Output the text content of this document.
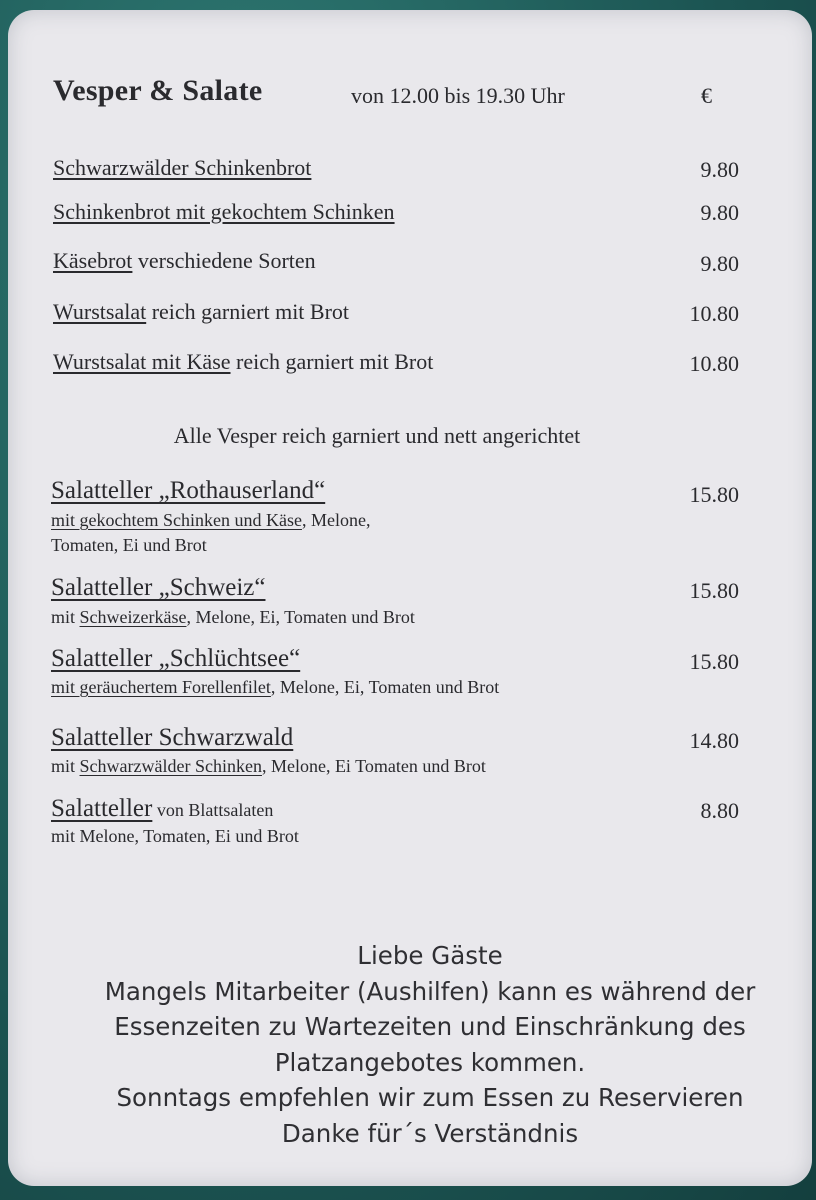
Vesper & Salate	von 12.00 bis 19.30 Uhr	€
Schwarzwälder Schinkenbrot	9.80
Schinkenbrot mit gekochtem Schinken	9.80
Käsebrot verschiedene Sorten	9.80
Wurstsalat reich garniert mit Brot	10.80
Wurstsalat mit Käse reich garniert mit Brot	10.80
Alle Vesper reich garniert und nett angerichtet
Salatteller „Rothauserland“	15.80
mit gekochtem Schinken und Käse, Melone,
Tomaten, Ei und Brot
Salatteller „Schweiz“	15.80
mit Schweizerkäse, Melone, Ei, Tomaten und Brot
Salatteller „Schlüchtsee“	15.80
mit geräuchertem Forellenfilet, Melone, Ei, Tomaten und Brot
Salatteller Schwarzwald	14.80
mit Schwarzwälder Schinken, Melone, Ei Tomaten und Brot
Salatteller von Blattsalaten	8.80
mit Melone, Tomaten, Ei und Brot
Liebe Gäste
Mangels Mitarbeiter (Aushilfen) kann es während der
Essenzeiten zu Wartezeiten und Einschränkung des
Platzangebotes kommen.
Sonntags empfehlen wir zum Essen zu Reservieren
Danke für´s Verständnis
